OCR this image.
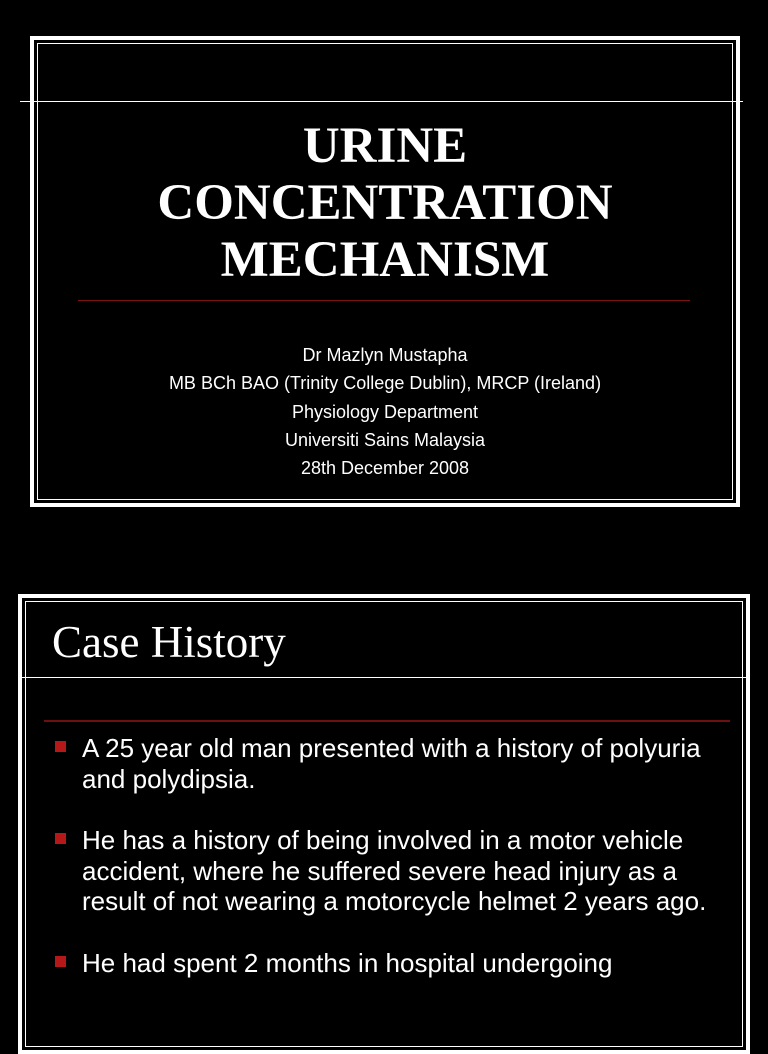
URINE
CONCENTRATION
MECHANISM
Dr Mazlyn Mustapha
MB BCh BAO (Trinity College Dublin), MRCP (Ireland)
Physiology Department
Universiti Sains Malaysia
28th December 2008
Case History
A 25 year old man presented with a history of polyuria and polydipsia.
He has a history of being involved in a motor vehicle accident, where he suffered severe head injury as a result of not wearing a motorcycle helmet 2 years ago.
He had spent 2 months in hospital undergoing
